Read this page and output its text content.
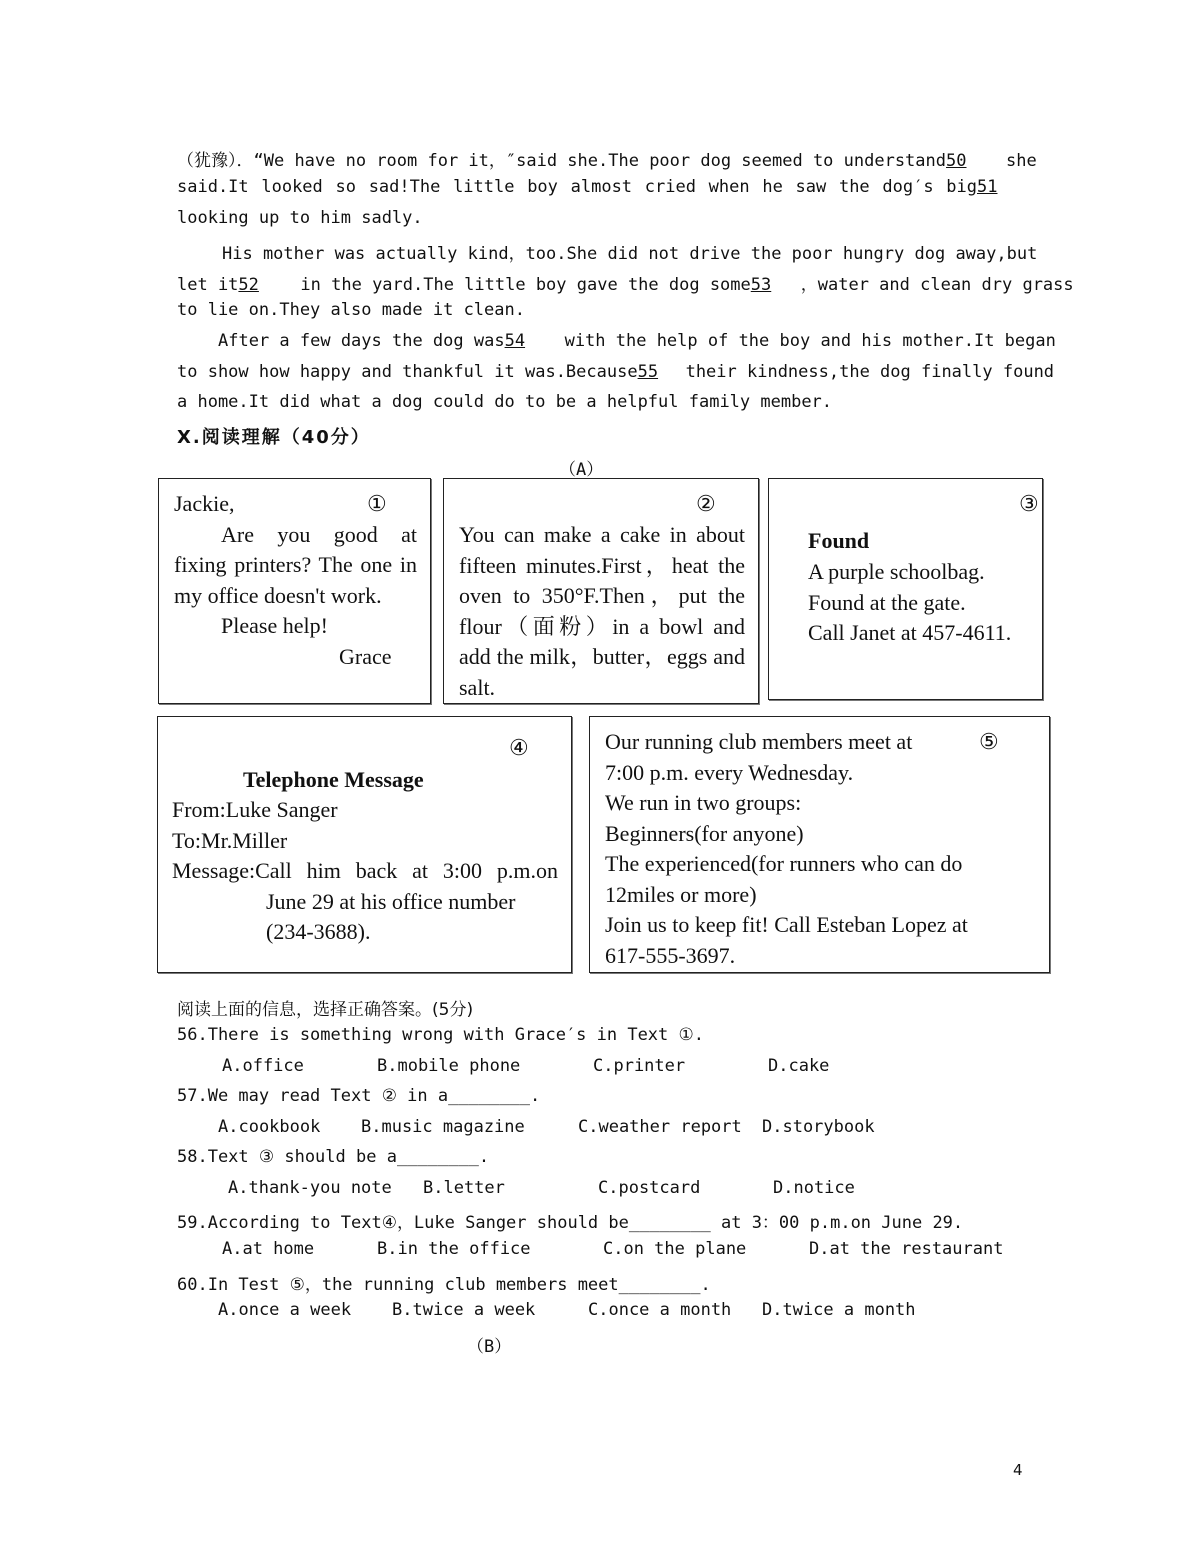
（犹豫）．“We have no room for it，″said she.The poor dog seemed to understand50 she
said.It looked so sad!The little boy almost cried when he saw the dog′s big51
looking up to him sadly.
His mother was actually kind，too.She did not drive the poor hungry dog away,but
let it52 in the yard.The little boy gave the dog some53 ，water and clean dry grass
to lie on.They also made it clean.
After a few days the dog was54 with the help of the boy and his mother.It began
to show how happy and thankful it was.Because55 their kindness,the dog finally found
a home.It did what a dog could do to be a helpful family member.
X.阅读理解（40分）
（A）
①
Jackie,
Are you good at fixing printers? The one in my office doesn't work.
Please help!
Grace
②
You can make a cake in about fifteen minutes.First，heat the oven to 350°F.Then，put the flour（面粉）in a bowl and add the milk，butter，eggs and salt.
③
Found
A purple schoolbag.
Found at the gate.
Call Janet at 457-4611.
④
Telephone Message
From:Luke Sanger
To:Mr.Miller
Message:Call him back at 3:00 p.m.on
June 29 at his office number
(234-3688).
⑤
Our running club members meet at
7:00 p.m. every Wednesday.
We run in two groups:
Beginners(for anyone)
The experienced(for runners who can do
12miles or more)
Join us to keep fit! Call Esteban Lopez at
617-555-3697.
阅读上面的信息，选择正确答案。(5分)
56.There is something wrong with Grace′s in Text ①.
A.office	B.mobile phone	C.printer	D.cake
57.We may read Text ② in a________.
A.cookbook B.music magazine	C.weather report D.storybook
58.Text ③ should be a________.
A.thank-you note B.letter	C.postcard	D.notice
59.According to Text④，Luke Sanger should be________ at 3：00 p.m.on June 29.
A.at home	B.in the office	C.on the plane	D.at the restaurant
60.In Test ⑤，the running club members meet________.
A.once a week B.twice a week	C.once a month D.twice a month
（B）
4
